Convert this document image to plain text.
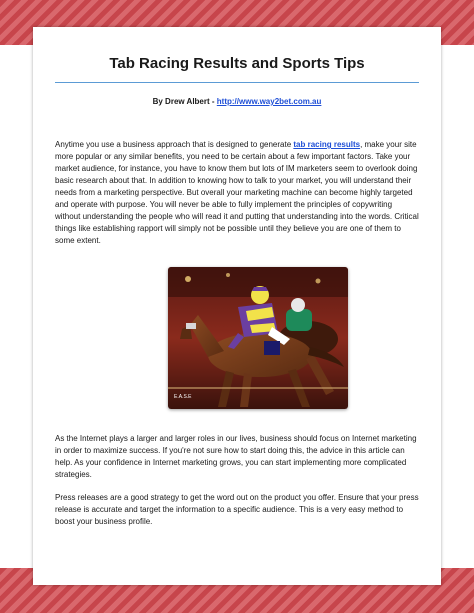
Tab Racing Results and Sports Tips
By Drew Albert - http://www.way2bet.com.au
Anytime you use a business approach that is designed to generate tab racing results, make your site more popular or any similar benefits, you need to be certain about a few important factors. Take your market audience, for instance, you have to know them but lots of IM marketers seem to overlook doing basic research about that. In addition to knowing how to talk to your market, you will understand their needs from a marketing perspective. But overall your marketing machine can become highly targeted and operate with purpose. You will never be able to fully implement the principles of copywriting without understanding the people who will read it and putting that understanding into the words. Critical things like establishing rapport will simply not be possible until they believe you are one of them to some extent.
E.A.S.E
As the Internet plays a larger and larger roles in our lives, business should focus on Internet marketing in order to maximize success. If you're not sure how to start doing this, the advice in this article can help. As your confidence in Internet marketing grows, you can start implementing more complicated strategies.
Press releases are a good strategy to get the word out on the product you offer. Ensure that your press release is accurate and target the information to a specific audience. This is a very easy method to boost your business profile.
